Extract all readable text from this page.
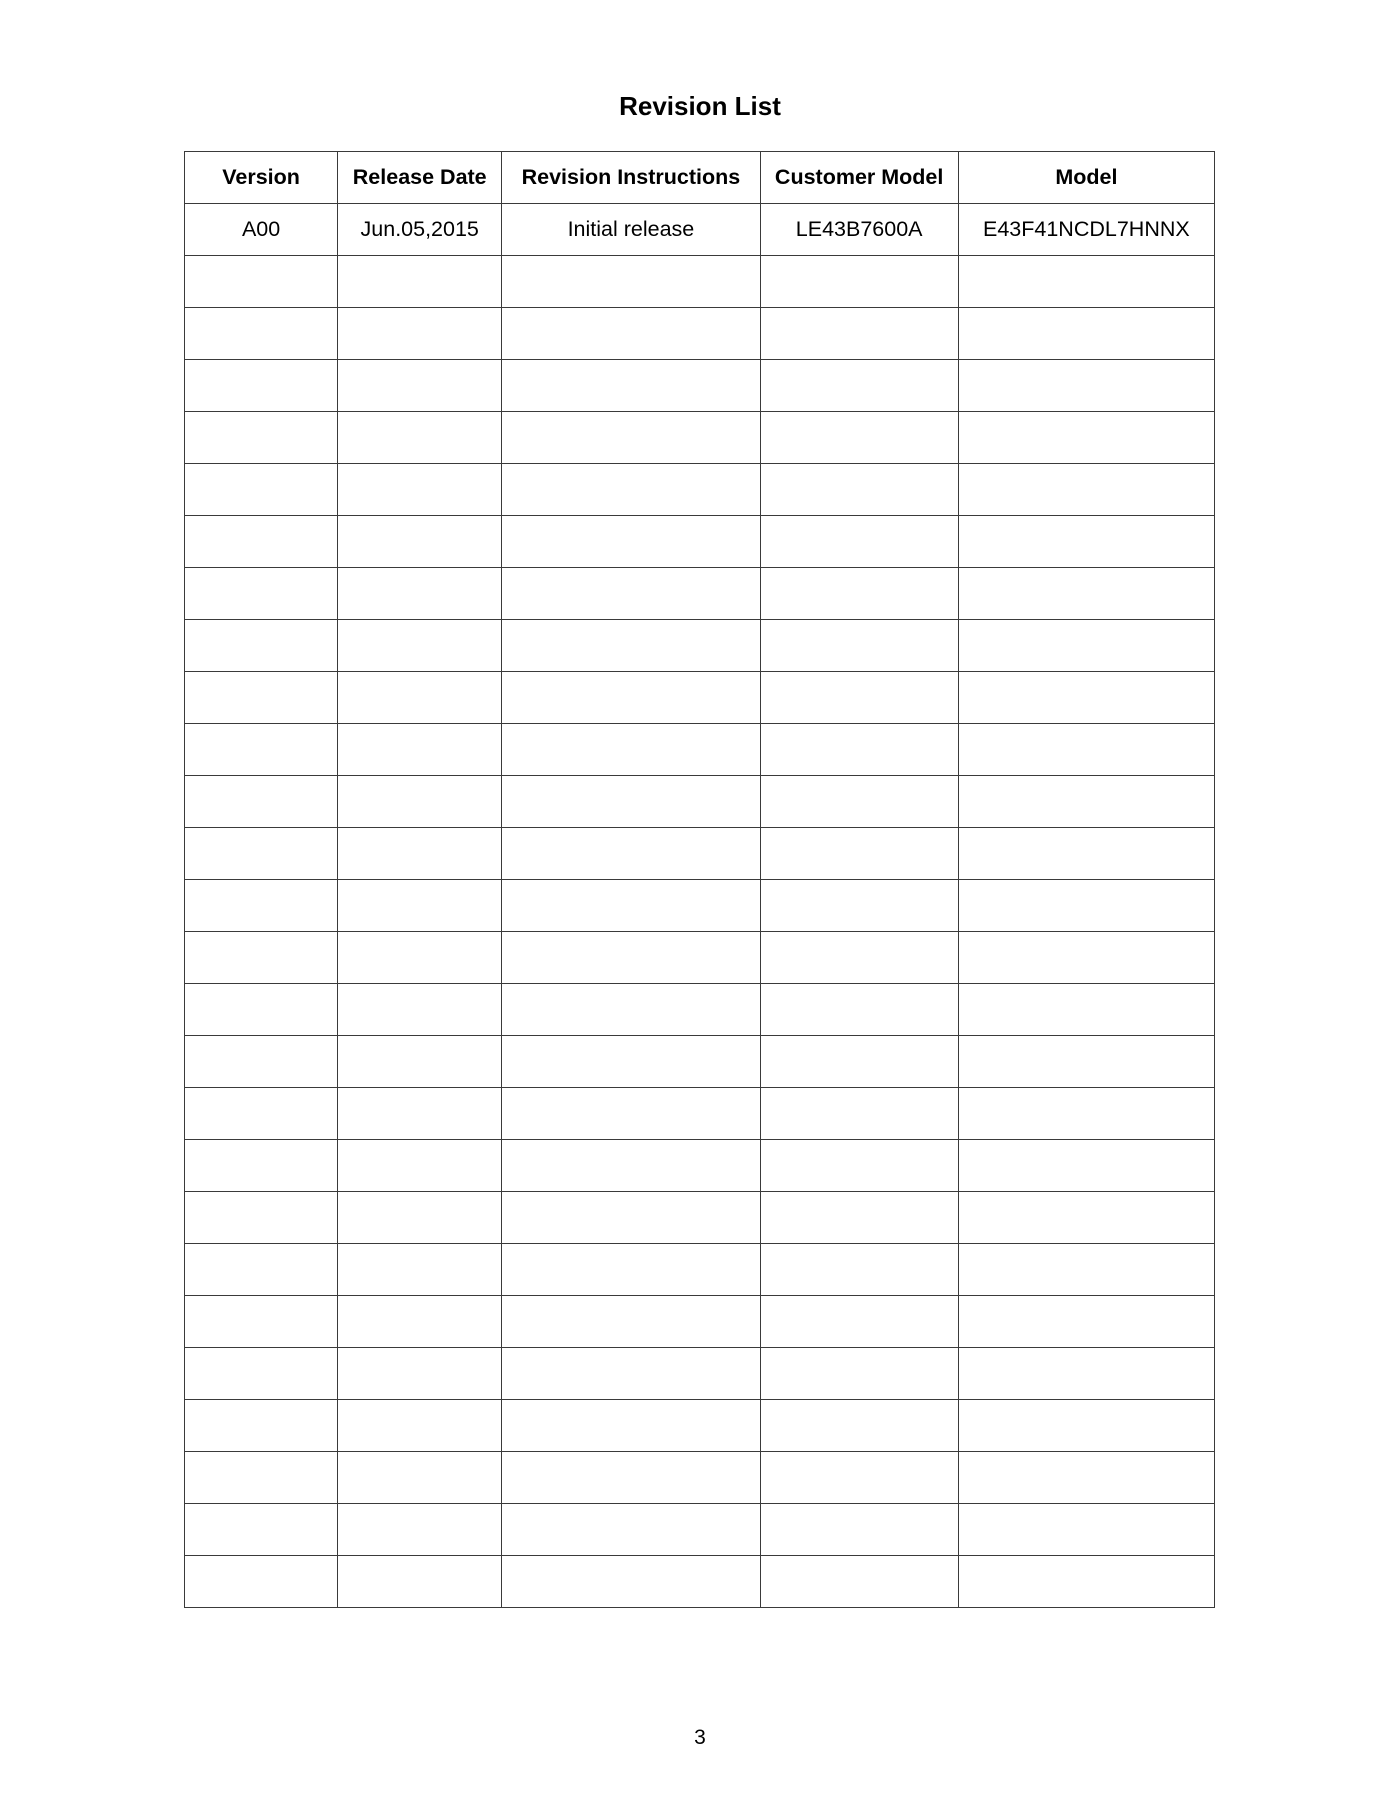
Revision List
Version	Release Date	Revision Instructions	Customer Model	Model
A00	Jun.05,2015	Initial release	LE43B7600A	E43F41NCDL7HNNX

3
